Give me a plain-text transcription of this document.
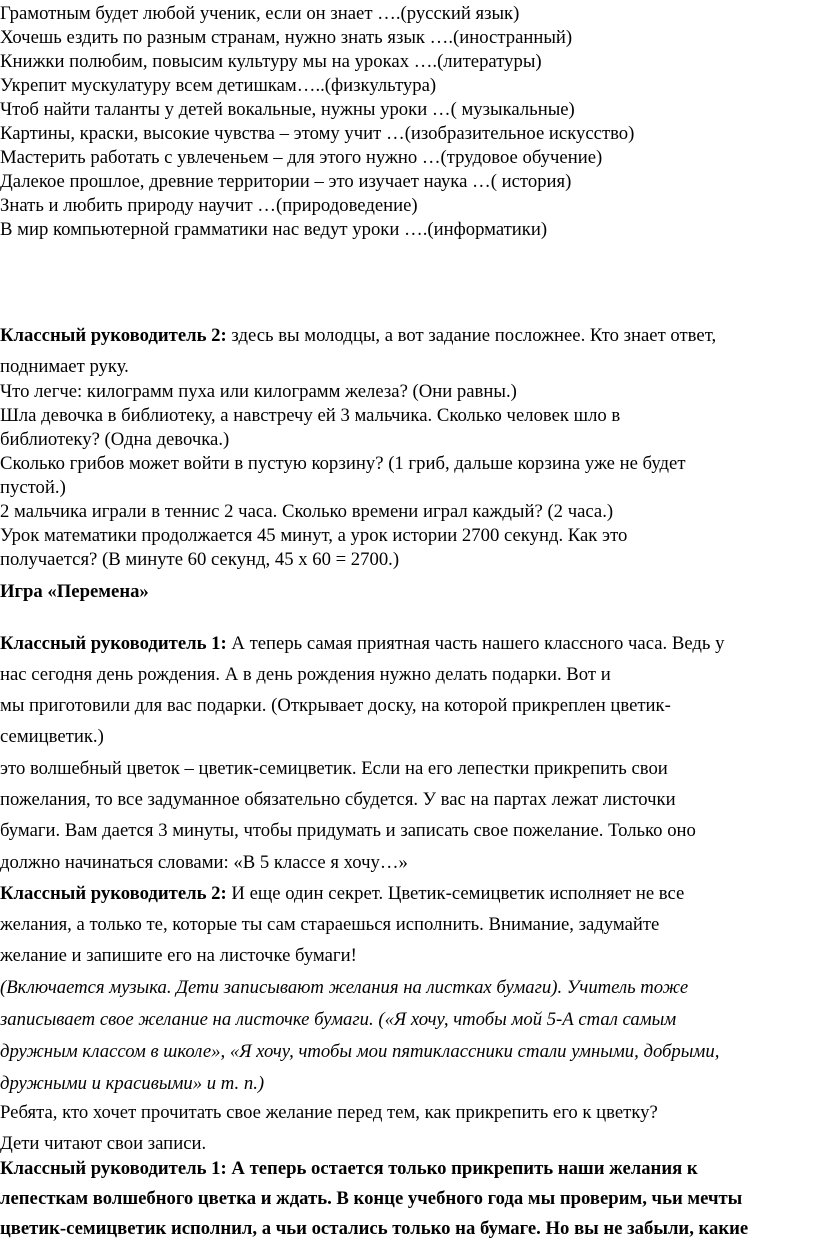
Грамотным будет любой ученик, если он знает ….(русский язык)

Хочешь ездить по разным странам, нужно знать язык ….(иностранный)

Книжки полюбим, повысим культуру мы на уроках ….(литературы)

Укрепит мускулатуру всем детишкам…..(физкультура)

Чтоб найти таланты у детей вокальные, нужны уроки …( музыкальные)

Картины, краски, высокие чувства – этому учит …(изобразительное искусство)

Мастерить работать с увлеченьем – для этого нужно …(трудовое обучение)

Далекое прошлое, древние территории – это изучает наука …( история)

Знать и любить природу научит …(природоведение)

В мир компьютерной грамматики нас ведут уроки ….(информатики)

Классный руководитель 2: здесь вы молодцы, а вот задание посложнее. Кто знает ответ,

поднимает руку.

Что легче: килограмм пуха или килограмм железа? (Они равны.)

Шла девочка в библиотеку, а навстречу ей 3 мальчика. Сколько человек шло в

библиотеку? (Одна девочка.)

Сколько грибов может войти в пустую корзину? (1 гриб, дальше корзина уже не будет

пустой.)

2 мальчика играли в теннис 2 часа. Сколько времени играл каждый? (2 часа.)

Урок математики продолжается 45 минут, а урок истории 2700 секунд. Как это

получается? (В минуте 60 секунд, 45 х 60 = 2700.)

Игра «Перемена»

Классный руководитель 1: А теперь самая приятная часть нашего классного часа. Ведь у

нас сегодня день рождения. А в день рождения нужно делать подарки. Вот и

мы приготовили для вас подарки. (Открывает доску, на которой прикреплен цветик-

семицветик.)

это волшебный цветок – цветик-семицветик. Если на его лепестки прикрепить свои

пожелания, то все задуманное обязательно сбудется. У вас на партах лежат листочки

бумаги. Вам дается 3 минуты, чтобы придумать и записать свое пожелание. Только оно

должно начинаться словами: «В 5 классе я хочу…»

Классный руководитель 2: И еще один секрет. Цветик-семицветик исполняет не все

желания, а только те, которые ты сам стараешься исполнить. Внимание, задумайте

желание и запишите его на листочке бумаги!

(Включается музыка. Дети записывают желания на листках бумаги). Учитель тоже

записывает свое желание на листочке бумаги. («Я хочу, чтобы мой 5-А стал самым

дружным классом в школе», «Я хочу, чтобы мои пятиклассники стали умными, добрыми,

дружными и красивыми» и т. п.)

Ребята, кто хочет прочитать свое желание перед тем, как прикрепить его к цветку?

Дети читают свои записи.

Классный руководитель 1: А теперь остается только прикрепить наши желания к

лепесткам волшебного цветка и ждать. В конце учебного года мы проверим, чьи мечты

цветик-семицветик исполнил, а чьи остались только на бумаге. Но вы не забыли, какие
